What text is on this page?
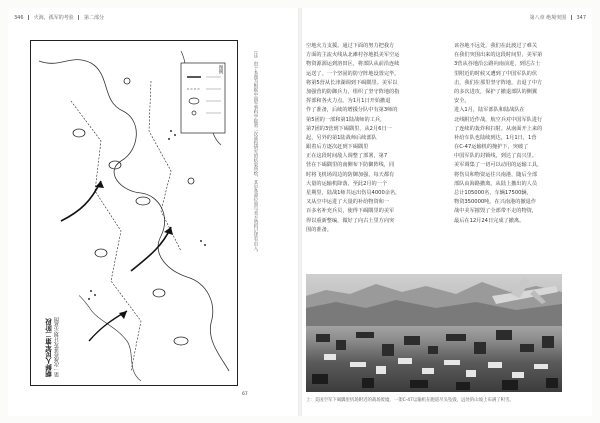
346 火海，孤军的考验 第二部分
朝鲜人民军第二阶段
第一次战役进攻计划示意图
图例	（注）由于本图为根据中国军事科学院第二次战役研究的结果所绘，其中各部位置与美方资料记述有出入。
67
第八章 绝境突围 347
空地火力支援。通过下面的努力把我方
方面的主流火线从北滩村谷地抵美军空运
物资源源运到溶田区，将部队从前沿连续
运送了。一个坚固的防守阵地设置完毕。
将第5营从长津湖调到下碣隅里。美军以
加强营的防御兵力，组织了坚守阵地的指
挥部和各火力点。为1月1日开始撤退
作了准备，后续的增援分队中有第3师的
第5团的一部和第1陆战师的工兵，
第7团的3营到下碣隅里，从2月6日一
起，另外的第1陆战师后续部队
跟着后方逐次赶到下碣隅里
正在这段时间敌人调整了部署，第7
营在下碣隅里的南侧布下防御阵线，同
时将飞机场周边的防御加强，每天都有
大量的运输机降落，至此2月的一个
星期里，陆战1师共运出伤员4000余名，
又从空中运进了大量的补给物资和一
百多名补充兵员，使得下碣隅里的美军
得以重新整编，做好了向古土里方向突
围的准备。
该谷地不远处，我们在此渡过了难关
在我们突围出来的这段时间里，美军第
3营从谷地沿公路向南前进，到达古土
里附近的时候又遭到了中国军队的伏
击，我们在那里坚守阵地，击退了中方
的多次进攻，保护了撤退部队的侧翼
安全。
进入1月，陆军部队和陆战队在
北线附近作战，航空兵对中国军队进行
了连续的轰炸和扫射。从南面开上来的
补给车队也陆续到达，1月1日，1营
在C-47运输机的掩护下，突破了
中国军队的封锁线，到达了真兴里。
美军调集了一切可以动用的运输工具，
将伤员和物资运往兴南港，随后全部
部队由海路撤离。从陆上撤出的人员
总计105000名，车辆17500辆，
物资350000吨。在兴南港的撤退作
战中美军摧毁了全部带不走的物资，
最后在12月24日完成了撤离。
上：美国空军下碣隅里机场附近的战场废墟，一架C-47运输机在跑道尽头坠毁，远处的山坡上布满了积雪。
